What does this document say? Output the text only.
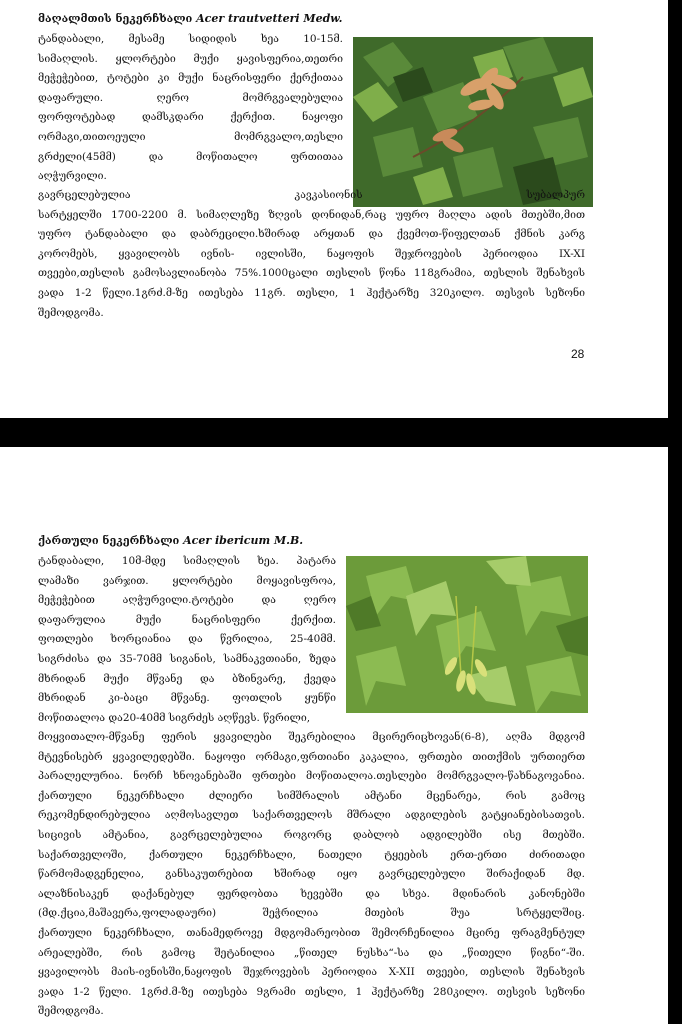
მაღალმთის ნეკერჩხალი Acer trautvetteri Medw.

ტანდაბალი, მესამე სიდიდის ხეა 10-15მ.

სიმაღლის. ყლორტები მუქი ყავისფერია,თეთრი

მეჭეჭებით, ტოტები კი მუქი ნაცრისფერი ქერქითაა

დაფარული. ღერო მომრგვალებულია

ფორფოტებად დამსკდარი ქერქით. ნაყოფი

ორმაგი,თითოეული მომრგვალო,თესლი

გრძელი(45მმ) და მოწითალო ფრთითაა

აღჭურვილი.

გავრცელებულია კავკასიონის სუბალპურ

სარტყელში 1700-2200 მ. სიმაღლეზე ზღვის დონიდან,რაც უფრო მაღლა ადის მთებში,მით

უფრო ტანდაბალი და დაბრეცილი.ხშირად არყთან და ქვემოთ-წიფელთან ქმნის კარგ

კორომებს, ყვავილობს ივნის- ივლისში, ნაყოფის შეჯროვების პერიოდია IX-XI

თვეები,თესლის გამოსავლიანობა 75%.1000ცალი თესლის წონა 118გრამია, თესლის შენახვის

ვადა 1-2 წელი.1გრძ.მ-ზე ითესება 11გრ. თესლი, 1 ჰექტარზე 320კილო. თესვის სეზონი

შემოდგომა.

28
ქართული ნეკერჩხალი Acer ibericum M.B.

ტანდაბალი, 10მ-მდე სიმაღლის ხეა. პატარა

ლამაზი ვარჯით. ყლორტები მოყავისფროა,

მეჭეჭებით აღჭურვილი.ტოტები და ღერო

დაფარულია მუქი ნაცრისფერი ქერქით.

ფოთლები ხორციანია და წვრილია, 25-40მმ.

სიგრძისა და 35-70მმ სიგანის, სამნაკვთიანი, ზედა

მხრიდან მუქი მწვანე და ბზინვარე, ქვედა

მხრიდან კი-ბაცი მწვანე. ფოთლის ყუნწი

მოწითალოა და20-40მმ სიგრძეს აღწევს. წვრილი,

მოყვითალო-მწვანე ფერის ყვავილები შეკრებილია მცირერიცხოვან(6-8), აღმა მდგომ

მტევნისებრ ყვავილედებში. ნაყოფი ორმაგი,ფრთიანი კაკალია, ფრთები თითქმის ურთიერთ

პარალელურია. ნორჩ ხნოვანებაში ფრთები მოწითალოა.თესლები მომრგვალო-წახნაგოვანია.

ქართული ნეკერჩხალი ძლიერი სიმშრალის ამტანი მცენარეა, რის გამოც

რეკომენდირებულია აღმოსავლეთ საქართველოს მშრალი ადგილების გატყიანებისათვის.

სიცივის ამტანია, გავრცელებულია როგორც დაბლობ ადგილებში ისე მთებში.

საქართველოში, ქართული ნეკერჩხალი, ნათელი ტყეების ერთ-ერთი ძირითადი

წარმომადგენელია, განსაკუთრებით ხშირად იყო გავრცელებული შირაქიდან მდ.

ალაზნისაკენ დაქანებულ ფერდობთა ხევებში და სხვა. მდინარის კანონებში

(მდ.ქცია,მაშავერა,ფოლადაური) შეჭრილია მთების შუა სრტყელშიც.

ქართული ნეკერჩხალი, თანამედროვე მდგომარეობით შემორჩენილია მცირე ფრაგმენტულ

არეალებში, რის გამოც შეტანილია „წითელ ნუსხა“-სა და „წითელი წიგნი“-ში.

ყვავილობს მაის-ივნისში,ნაყოფის შეჯროვების პერიოდია X-XII თვეები, თესლის შენახვის

ვადა 1-2 წელი. 1გრძ.მ-ზე ითესება 9გრამი თესლი, 1 ჰექტარზე 280კილო. თესვის სეზონი

შემოდგომა.
